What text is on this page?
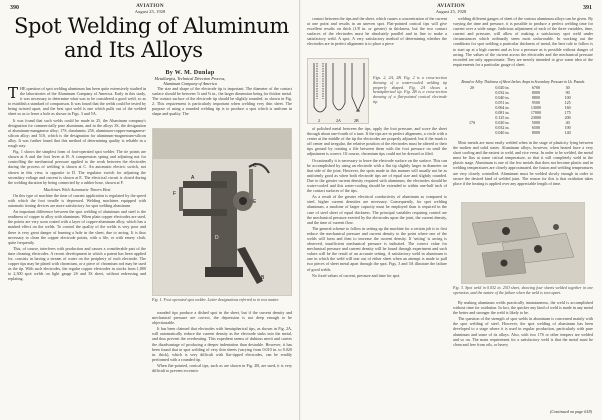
390	AVIATION
August 25, 1928
Spot Welding of Aluminum
and Its Alloys
By W. M. Dunlap
Metallurgist, Technical Direction Process,
Aluminum Company of America

THE question of spot welding aluminum has been quite extensively studied in the laboratories of the Aluminum Company of America. Early in this study, it was necessary to determine what was to be considered a good weld, so as to establish a standard of comparison. It was found that the welds could be tested by being twisted apart, and the best spot weld is one which pulls out of the welded sheet so as to leave a hole as shown in Figs. 3 and 5A.

It was found that such welds could be made in 25, the Aluminum company's designation for commercially pure aluminum, and in the alloys 3S, the designation of aluminum-manganese alloy; 17S, duralumin; 25S, aluminum-copper-manganese-silicon alloy; and 51S, which is the designation for aluminum-magnesium-silicon alloy. It was further found that this method of determining quality is reliable in a rough way.

Fig. 1 shows the simplest form of foot-operated spot welder. The tie points are shown at A and the foot lever at B. A compression spring and adjusting nut for controlling the mechanical pressure applied to the work between the electrodes during the process of welding is shown at C. An automatic electric switch, not shown in this view, is opposite to D. The regulator switch for adjusting the secondary voltage and current is shown at E. The electrical circuit is closed during the welding duration by being connected by a rubber hose, shown at F.

Machines With Automatic Timers Best

On this type of machine the time of current application is regulated by the speed with which the foot treadle is depressed. Welding machines equipped with automatic timing devices are more satisfactory for spot welding aluminum.

An important difference between the spot welding of aluminum and steel is the readiness of copper to alloy with aluminum. When plain copper electrodes are used, the points are very soon coated with a layer of copper-aluminum alloy, which has a marked effect on the welds. To control the quality of the welds is very poor and there is very great danger of burning a hole in the sheet, due to arcing. It is thus necessary to clean the copper electrode points, with a file, or with emery cloth, quite frequently.

This, of course, interferes with production and causes a considerable part of the time cleaning electrodes. A recent development in which a patent has been applied for, consists in having a stream of water on the periphery of each electrode. The copper tips may be plated with chromium, or a piece of chromium rod may be used as the tip. With such electrodes, the regular copper electrodes in stocks from 1,800 to 2,300 spot welds on light gauge 2S and 3S sheet, without redressing and replating.

The size and shape of the electrode tip is important. The diameter of the contact surface should be between ⅛ and ⅜ in., the larger dimension being for thicker metal. The contact surface of the electrode tip should be slightly rounded, as shown in Fig. 2. This requirement is particularly important when welding very thin sheet. The purpose of using a rounded welding tip is to produce a spot which is uniform in shape and quality. The

A
B
C
D
E
F
Fig. 1. Foot operated spot welder. Letter designations referred to in text matter.

rounded tips produce a dished spot in the sheet, but if the current density and mechanical pressure are correct, the depression is not deep enough to be objectionable.

It has been claimed that electrodes with hemispherical tips, as shown in Fig. 2A, will automatically reduce the current density as the electrode sinks into the metal, and thus prevent the overheating. This expedient seems of dubious merit and carries the disadvantage of producing a deeper indentation than desirable. However, it has been found that in spot welding of very thin sheets (varying from 0.010 in. to 0.020 in. thick), which is very difficult with flat-tipped electrodes, can be readily performed with a rounded tip.

When flat-pointed, conical tips, such as are shown in Fig. 2B, are used, it is very difficult to prevent eccentric

AVIATION
August 25, 1928
391

contact between the tips and the sheet, which causes a concentration of the current at one point and results in an uneven spot. Flat-pointed conical tips will give excellent results on thick (1/8 in. or greater) in thickness, but the two contact surfaces of the electrodes must be absolutely parallel and in line to make a satisfactory weld. A spot, A very satisfactory method of determining whether the electrodes are in perfect alignment is to place a piece

2	2A	2B
Figs. 2, 2A, 2B. Fig. 2 is a cross-section drawing of a water-cooled welding tip properly shaped. Fig. 2A shows a hemispherical tip. Fig. 2B is a cross-section drawing of a flat-pointed conical electrode tip.

of polished metal between the tips, apply the foot pressure, and score the sheet through about one-fourth of a turn. If the tips are in perfect alignment, a circle with a center at the middle of the tip the electrodes are properly adjusted; but if the mark is off center and irregular, the relative position of the electrodes must be altered or their tips ground by rotating a file between them with the foot pressure on until the adjustment is correct. Of course, chromium tips could not be dressed or filed.

Occasionally it is necessary to leave the electrode surface on the surface. This can be accomplished by using an electrode with a flat tip slightly larger in diameter on that side of the joint. However, the spots made in this manner will usually not be as uniformly good as when both electrode tips are of equal size and slightly rounded. Due to the greater current density required with aluminum, the electrodes should be water-cooled and this water-cooling should be extended to within one-half inch of the contact surfaces of the tips.

As a result of the greater electrical conductivity of aluminum as compared to steel, higher current densities are necessary. Consequently, for spot welding aluminum, a machine of larger capacity must be employed than is required in the case of steel sheet of equal thickness. The principal variables requiring control are the mechanical pressure exerted by the electrodes upon the joint, the current density, and the time of current flow.

The general scheme to follow in setting up the machine for a certain job is to first reduce the mechanical pressure and current density to the point where one of the welds will form and then to increase the current density. If 'setting' is arcing is observed, insufficient mechanical pressure is indicated. The correct value for mechanical pressure and current density will be found through experiment and such values will be the result of an accurate setting. A satisfactory weld in aluminum is one in which the weld will tear out of either sheet when an attempt is made to pull two pieces of sheet metal apart through the spot. Figs. 3 and 3A illustrate the failure of good welds.

No fixed values of current, pressure and time for spot

welding different gauges of sheet of the various aluminum alloys can be given. By varying the time and pressure, it is possible to produce a perfect welding time for current over a wide range. Judicious adjustment of each of the three variables, time, current and pressure, will allow of making a satisfactory spot weld under circumstances which ordinarily seem most unfavorable. In working out the conditions for spot welding a particular thickness of metal, the best rule to follow is to start up at a high current and as low a pressure as is possible without danger of arcing. The values of the current across the electrodes and the mechanical pressure recorded are only approximate. They are merely intended to give some idea of the requirements for a particular gauge of sheet.

Brand or Alloy	Thickness of Sheet Inches	Amps in Secondary	Pressure in Lb. Pounds
2S	0.020 in.	6700	30
	0.032 in.	8000	90
	0.040 in.	8800	100
	0.051 in.	9500	125
	0.064 in.	13000	160
	0.081 in.	17000	175
	0.125 in.	23000	200
17S	0.020 in.	5000	40
	0.032 in.	6500	100
	0.040 in.	8000	140

Most metals are most easily welded when in the stage of plasticity lying between the molten and solid states. Aluminum alloys, however, when heated have a very short cooling and the easiest to weld, and vice versa. In order to be welded, the metal must be flux at some critical temperature, so that it will completely weld in the plastic stage. Aluminum is one of the few metals that does not become plastic and in welding temperatures are closely approximated, the fusion and welding temperatures are very closely controlled. Aluminum must be welded slowly enough in order to secure the desired kind of welded joint. The reason for this is that oxidation takes place if the heating is applied over any appreciable length of time.

Fig. 3. Spot weld in 0.032 in. 25O sheet, showing four sheets welded together in one operation, and the nature of the failure when the weld is torn apart.

By making aluminum welds practically instantaneous, the weld is accomplished without time for oxidation. In fact, the quicker any kind of weld is made in any metal the better and stronger the weld is likely to be.

The question of the strength of spot welds in aluminum is concerned mainly with the spot welding of steel. However, the spot welding of aluminum has been developed to a stage where it is used in regular production, particularly with pure aluminum and some of its alloys. Also, with two 17S or other tempers are welded and so on. The main requirement for a satisfactory weld is that the metal must be clean and free from oils, or heavy

(Continued on page 618)
